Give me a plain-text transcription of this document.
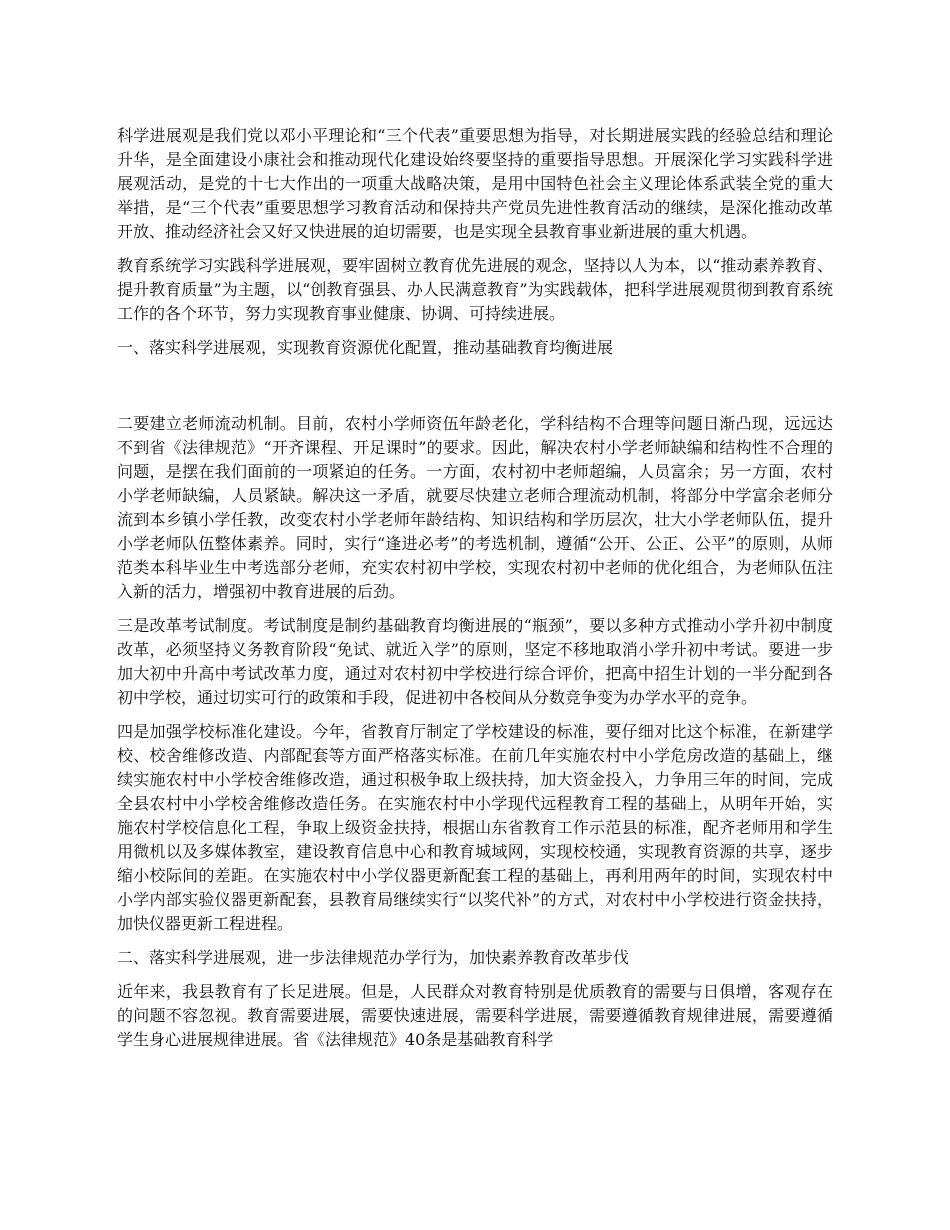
科学进展观是我们党以邓小平理论和“三个代表”重要思想为指导，对长期进展实践的经验总结和理论升华，是全面建设小康社会和推动现代化建设始终要坚持的重要指导思想。开展深化学习实践科学进展观活动，是党的十七大作出的一项重大战略决策，是用中国特色社会主义理论体系武装全党的重大举措，是“三个代表”重要思想学习教育活动和保持共产党员先进性教育活动的继续，是深化推动改革开放、推动经济社会又好又快进展的迫切需要，也是实现全县教育事业新进展的重大机遇。

教育系统学习实践科学进展观，要牢固树立教育优先进展的观念，坚持以人为本，以“推动素养教育、提升教育质量”为主题，以“创教育强县、办人民满意教育”为实践载体，把科学进展观贯彻到教育系统工作的各个环节，努力实现教育事业健康、协调、可持续进展。

一、落实科学进展观，实现教育资源优化配置，推动基础教育均衡进展

二要建立老师流动机制。目前，农村小学师资伍年龄老化，学科结构不合理等问题日渐凸现，远远达不到省《法律规范》“开齐课程、开足课时”的要求。因此，解决农村小学老师缺编和结构性不合理的问题，是摆在我们面前的一项紧迫的任务。一方面，农村初中老师超编，人员富余；另一方面，农村小学老师缺编，人员紧缺。解决这一矛盾，就要尽快建立老师合理流动机制，将部分中学富余老师分流到本乡镇小学任教，改变农村小学老师年龄结构、知识结构和学历层次，壮大小学老师队伍，提升小学老师队伍整体素养。同时，实行“逢进必考”的考选机制，遵循“公开、公正、公平”的原则，从师范类本科毕业生中考选部分老师，充实农村初中学校，实现农村初中老师的优化组合，为老师队伍注入新的活力，增强初中教育进展的后劲。

三是改革考试制度。考试制度是制约基础教育均衡进展的“瓶颈”，要以多种方式推动小学升初中制度改革，必须坚持义务教育阶段“免试、就近入学”的原则，坚定不移地取消小学升初中考试。要进一步加大初中升高中考试改革力度，通过对农村初中学校进行综合评价，把高中招生计划的一半分配到各初中学校，通过切实可行的政策和手段，促进初中各校间从分数竞争变为办学水平的竞争。

四是加强学校标准化建设。今年，省教育厅制定了学校建设的标准，要仔细对比这个标准，在新建学校、校舍维修改造、内部配套等方面严格落实标准。在前几年实施农村中小学危房改造的基础上，继续实施农村中小学校舍维修改造，通过积极争取上级扶持，加大资金投入，力争用三年的时间，完成全县农村中小学校舍维修改造任务。在实施农村中小学现代远程教育工程的基础上，从明年开始，实施农村学校信息化工程，争取上级资金扶持，根据山东省教育工作示范县的标准，配齐老师用和学生用微机以及多媒体教室，建设教育信息中心和教育城域网，实现校校通，实现教育资源的共享，逐步缩小校际间的差距。在实施农村中小学仪器更新配套工程的基础上，再利用两年的时间，实现农村中小学内部实验仪器更新配套，县教育局继续实行“以奖代补”的方式，对农村中小学校进行资金扶持，加快仪器更新工程进程。

二、落实科学进展观，进一步法律规范办学行为，加快素养教育改革步伐

近年来，我县教育有了长足进展。但是，人民群众对教育特别是优质教育的需要与日俱增，客观存在的问题不容忽视。教育需要进展，需要快速进展，需要科学进展，需要遵循教育规律进展，需要遵循学生身心进展规律进展。省《法律规范》40条是基础教育科学
